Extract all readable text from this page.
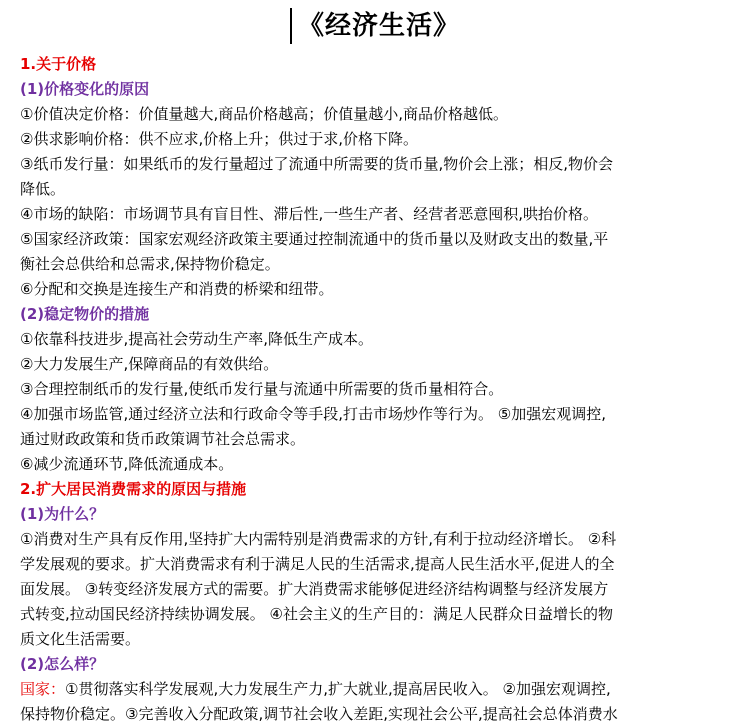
《经济生活》
1.关于价格
(1)价格变化的原因
①价值决定价格：价值量越大,商品价格越高；价值量越小,商品价格越低。
②供求影响价格：供不应求,价格上升；供过于求,价格下降。
③纸币发行量：如果纸币的发行量超过了流通中所需要的货币量,物价会上涨；相反,物价会
降低。
④市场的缺陷：市场调节具有盲目性、滞后性,一些生产者、经营者恶意囤积,哄抬价格。
⑤国家经济政策：国家宏观经济政策主要通过控制流通中的货币量以及财政支出的数量,平
衡社会总供给和总需求,保持物价稳定。
⑥分配和交换是连接生产和消费的桥梁和纽带。
(2)稳定物价的措施
①依靠科技进步,提高社会劳动生产率,降低生产成本。
②大力发展生产,保障商品的有效供给。
③合理控制纸币的发行量,使纸币发行量与流通中所需要的货币量相符合。
④加强市场监管,通过经济立法和行政命令等手段,打击市场炒作等行为。 ⑤加强宏观调控,
通过财政政策和货币政策调节社会总需求。
⑥减少流通环节,降低流通成本。
2.扩大居民消费需求的原因与措施
(1)为什么？
①消费对生产具有反作用,坚持扩大内需特别是消费需求的方针,有利于拉动经济增长。 ②科
学发展观的要求。扩大消费需求有利于满足人民的生活需求,提高人民生活水平,促进人的全
面发展。 ③转变经济发展方式的需要。扩大消费需求能够促进经济结构调整与经济发展方
式转变,拉动国民经济持续协调发展。 ④社会主义的生产目的：满足人民群众日益增长的物
质文化生活需要。
(2)怎么样？
国家：①贯彻落实科学发展观,大力发展生产力,扩大就业,提高居民收入。 ②加强宏观调控,
保持物价稳定。③完善收入分配政策,调节社会收入差距,实现社会公平,提高社会总体消费水
